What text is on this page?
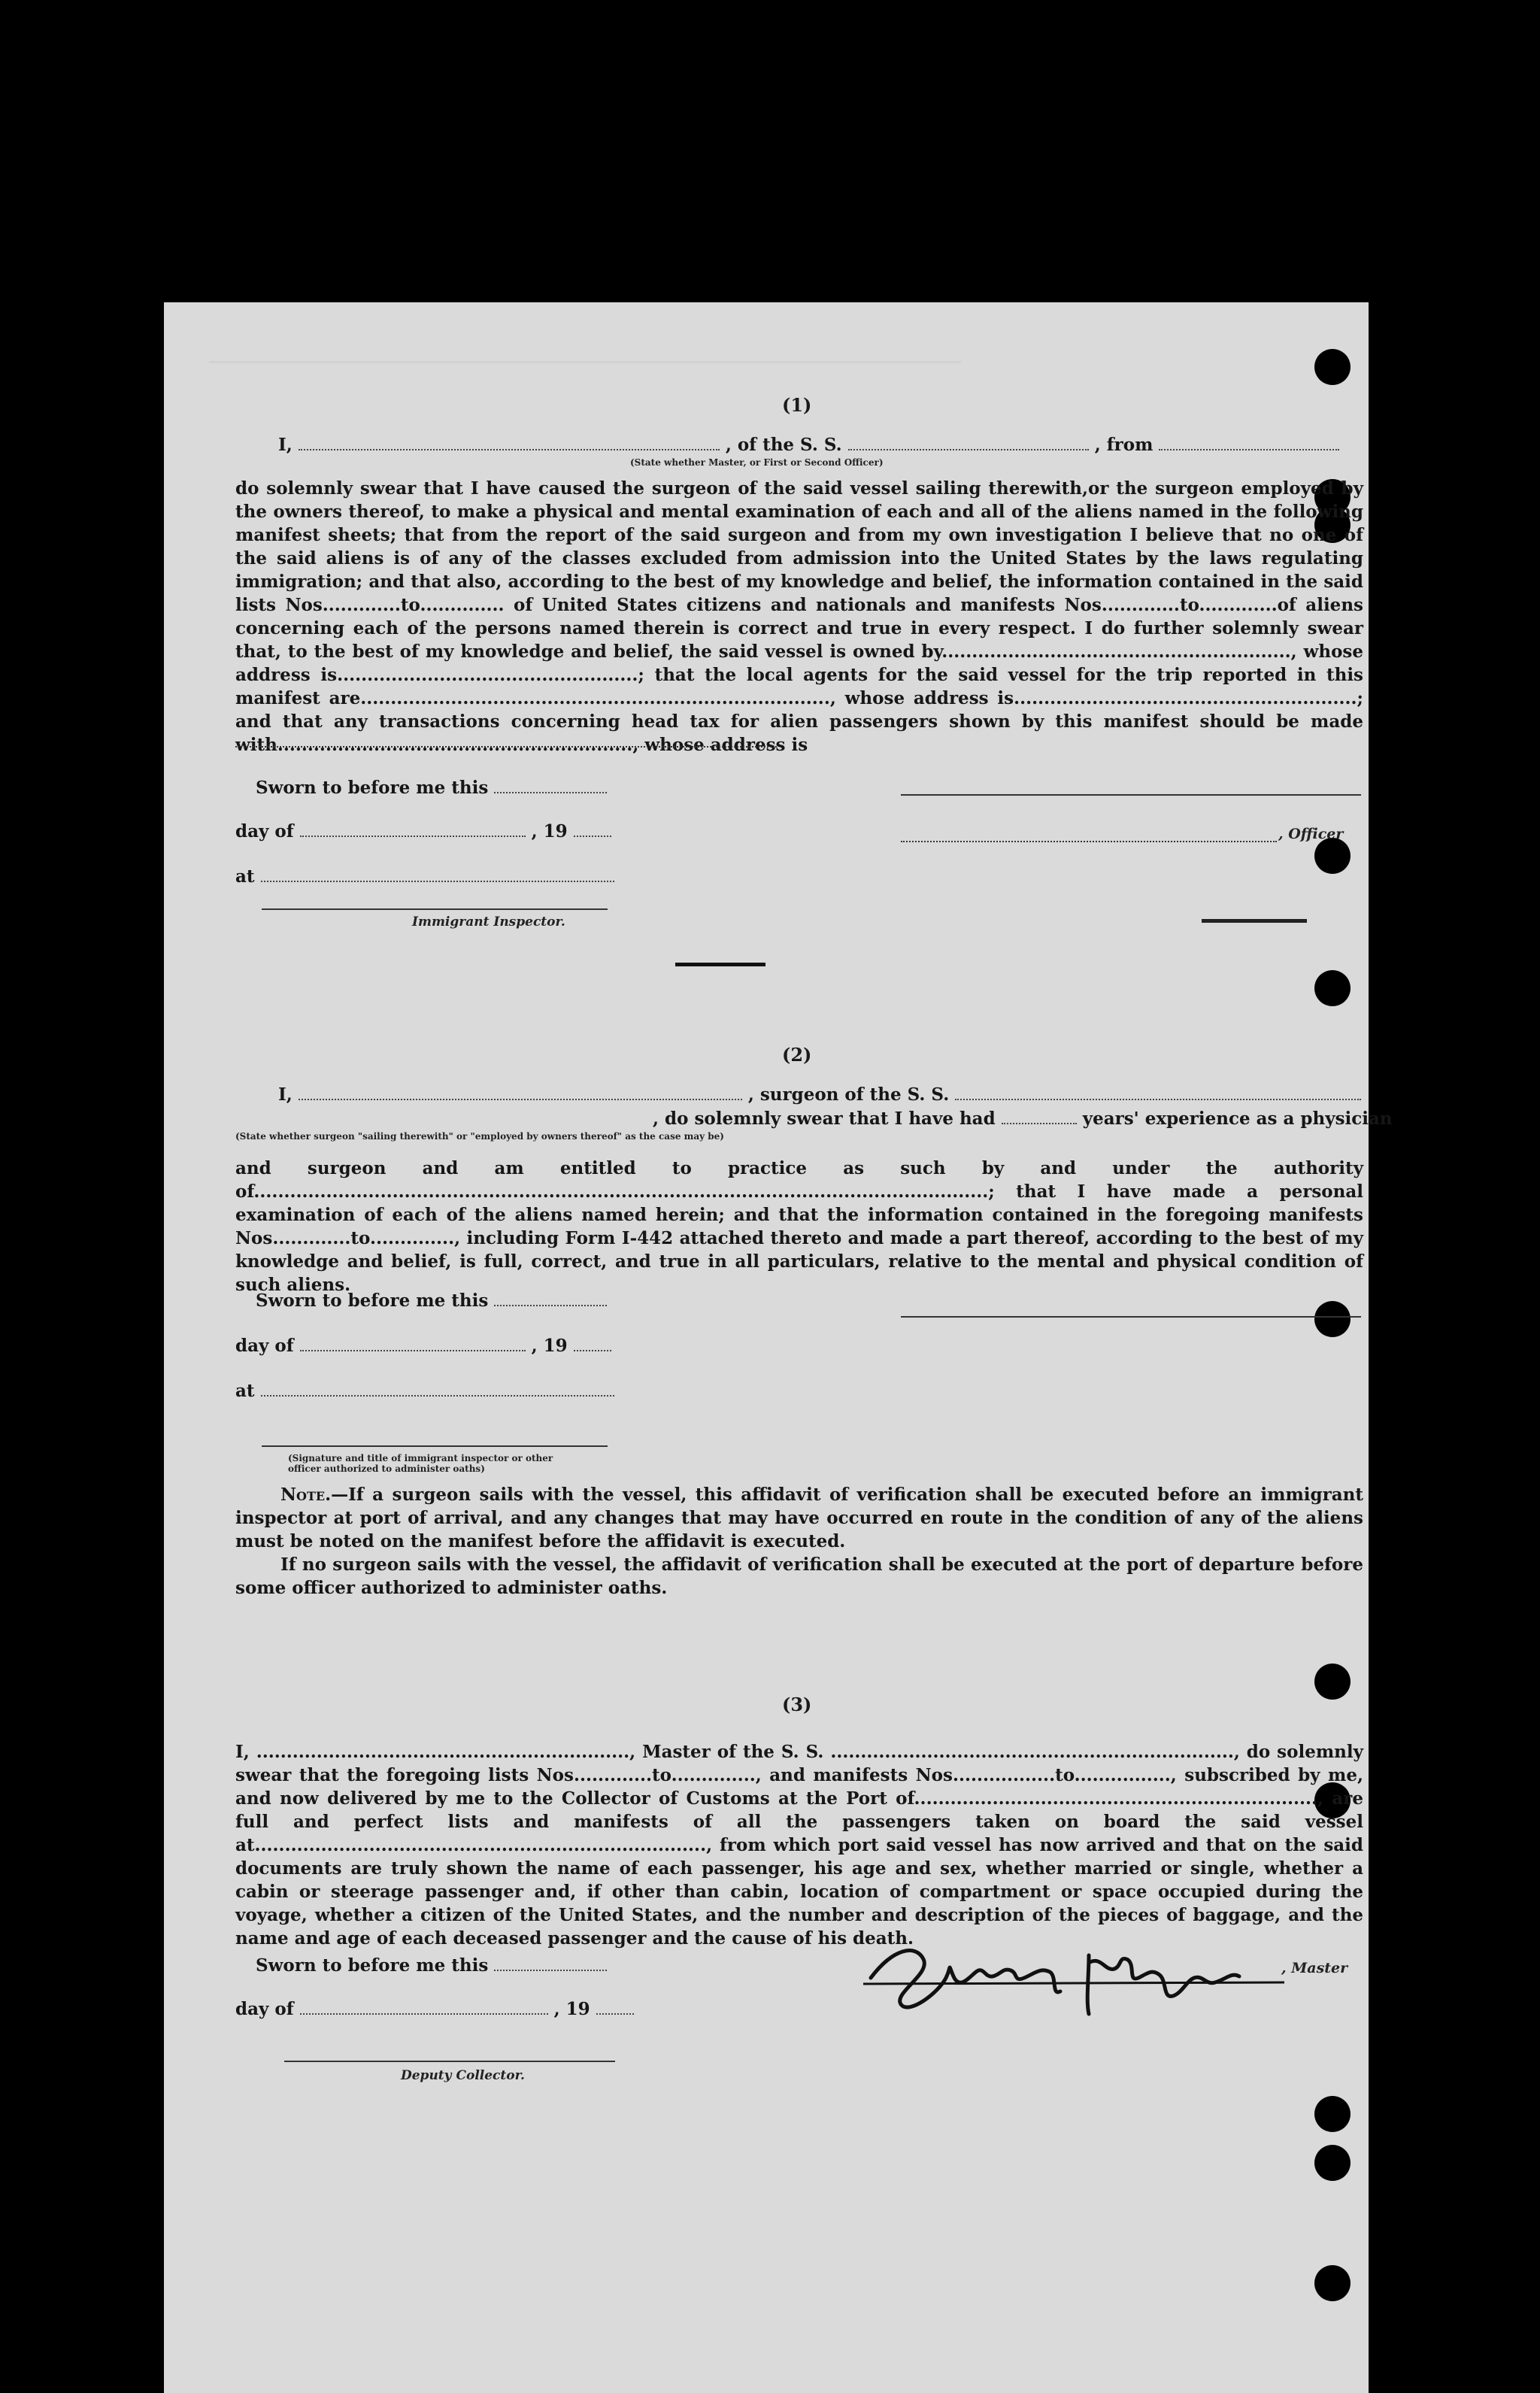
(1)
I,	, of the S. S.	, from
(State whether Master, or First or Second Officer)

do solemnly swear that I have caused the surgeon of the said vessel sailing therewith,or the surgeon employed by the owners thereof, to make a physical and mental examination of each and all of the aliens named in the following manifest sheets; that from the report of the said surgeon and from my own investigation I believe that no one of the said aliens is of any of the classes excluded from admission into the United States by the laws regulating immigration; and that also, according to the best of my knowledge and belief, the information contained in the said lists Nos.............to.............. of United States citizens and nationals and manifests Nos.............to.............of aliens concerning each of the persons named therein is correct and true in every respect. I do further solemnly swear that, to the best of my knowledge and belief, the said vessel is owned by.........................................................., whose address is..................................................; that the local agents for the said vessel for the trip reported in this manifest are.............................................................................., whose address is.........................................................; and that any transactions concerning head tax for alien passengers shown by this manifest should be made with..........................................................., whose address is

Sworn to before me this
day of	, 19	, Officer
at
Immigrant Inspector.
(2)
I,	, surgeon of the S. S.
, do solemnly swear that I have had	years' experience as a physician
(State whether surgeon "sailing therewith" or "employed by owners thereof" as the case may be)

and surgeon and am entitled to practice as such by and under the authority of..........................................................................................................................; that I have made a personal examination of each of the aliens named herein; and that the information contained in the foregoing manifests Nos.............to.............., including Form I-442 attached thereto and made a part thereof, according to the best of my knowledge and belief, is full, correct, and true in all particulars, relative to the mental and physical condition of such aliens.

Sworn to before me this
day of	, 19
at
(Signature and title of immigrant inspector or other officer authorized to administer oaths)

Note.—If a surgeon sails with the vessel, this affidavit of verification shall be executed before an immigrant inspector at port of arrival, and any changes that may have occurred en route in the condition of any of the aliens must be noted on the manifest before the affidavit is executed.

If no surgeon sails with the vessel, the affidavit of verification shall be executed at the port of departure before some officer authorized to administer oaths.

(3)

I, .............................................................., Master of the S. S. ..................................................................., do solemnly swear that the foregoing lists Nos.............to.............., and manifests Nos.................to................, subscribed by me, and now delivered by me to the Collector of Customs at the Port of..................................................................., are full and perfect lists and manifests of all the passengers taken on board the said vessel at..........................................................................., from which port said vessel has now arrived and that on the said documents are truly shown the name of each passenger, his age and sex, whether married or single, whether a cabin or steerage passenger and, if other than cabin, location of compartment or space occupied during the voyage, whether a citizen of the United States, and the number and description of the pieces of baggage, and the name and age of each deceased passenger and the cause of his death.

Sworn to before me this
day of	, 19
Deputy Collector.
, Master
